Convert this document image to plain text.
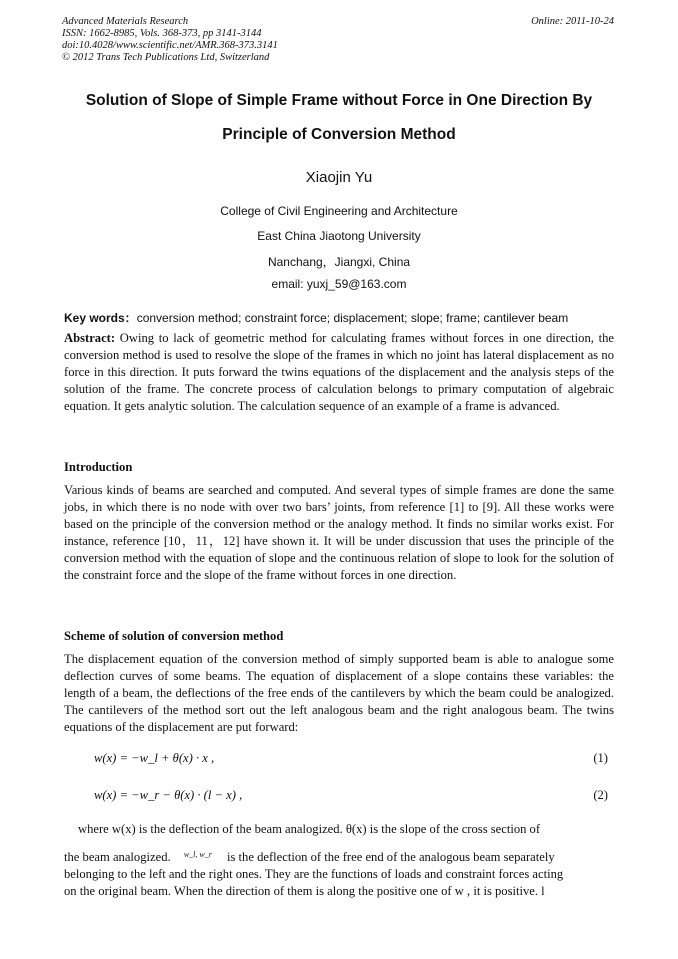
Advanced Materials Research
ISSN: 1662-8985, Vols. 368-373, pp 3141-3144
doi:10.4028/www.scientific.net/AMR.368-373.3141
© 2012 Trans Tech Publications Ltd, Switzerland
Online: 2011-10-24
Solution of Slope of Simple Frame without Force in One Direction By
Principle of Conversion Method
Xiaojin Yu
College of Civil Engineering and Architecture
East China Jiaotong University
Nanchang，Jiangxi, China
email: yuxj_59@163.com
Key words：conversion method; constraint force; displacement; slope; frame; cantilever beam
Abstract: Owing to lack of geometric method for calculating frames without forces in one direction, the conversion method is used to resolve the slope of the frames in which no joint has lateral displacement as no force in this direction. It puts forward the twins equations of the displacement and the analysis steps of the solution of the frame. The concrete process of calculation belongs to primary computation of algebraic equation. It gets analytic solution. The calculation sequence of an example of a frame is advanced.
Introduction
Various kinds of beams are searched and computed. And several types of simple frames are done the same jobs, in which there is no node with over two bars’ joints, from reference [1] to [9]. All these works were based on the principle of the conversion method or the analogy method. It finds no similar works exist. For instance, reference [10，11，12] have shown it. It will be under discussion that uses the principle of the conversion method with the equation of slope and the continuous relation of slope to look for the solution of the constraint force and the slope of the frame without forces in one direction.
Scheme of solution of conversion method
The displacement equation of the conversion method of simply supported beam is able to analogue some deflection curves of some beams. The equation of displacement of a slope contains these variables: the length of a beam, the deflections of the free ends of the cantilevers by which the beam could be analogized. The cantilevers of the method sort out the left analogous beam and the right analogous beam. The twins equations of the displacement are put forward:
w(x) = −w_l + θ(x) · x ,	(1)
w(x) = −w_r − θ(x) · (l − x) ,	(2)
where w(x) is the deflection of the beam analogized. θ(x) is the slope of the cross section of
the beam analogized. $^{w\_l, w\_r}$ is the deflection of the free end of the analogous beam separately
belonging to the left and the right ones. They are the functions of loads and constraint forces acting
on the original beam. When the direction of them is along the positive one of w , it is positive. l
